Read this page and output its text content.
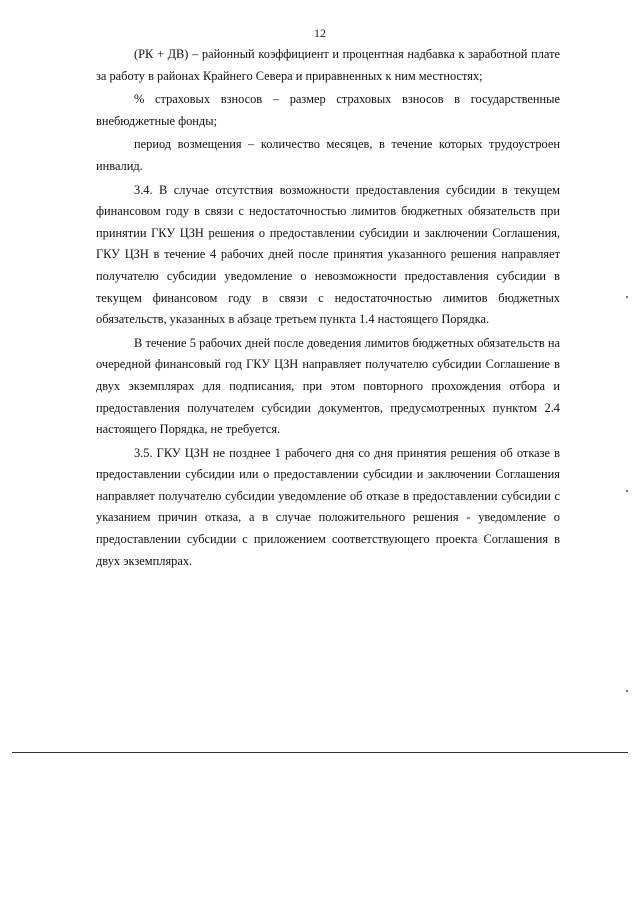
12

(РК + ДВ) – районный коэффициент и процентная надбавка к заработной плате за работу в районах Крайнего Севера и приравненных к ним местностях;

% страховых взносов – размер страховых взносов в государственные внебюджетные фонды;

период возмещения – количество месяцев, в течение которых трудоустроен инвалид.

3.4. В случае отсутствия возможности предоставления субсидии в текущем финансовом году в связи с недостаточностью лимитов бюджетных обязательств при принятии ГКУ ЦЗН решения о предоставлении субсидии и заключении Соглашения, ГКУ ЦЗН в течение 4 рабочих дней после принятия указанного решения направляет получателю субсидии уведомление о невозможности предоставления субсидии в текущем финансовом году в связи с недостаточностью лимитов бюджетных обязательств, указанных в абзаце третьем пункта 1.4 настоящего Порядка.

В течение 5 рабочих дней после доведения лимитов бюджетных обязательств на очередной финансовый год ГКУ ЦЗН направляет получателю субсидии Соглашение в двух экземплярах для подписания, при этом повторного прохождения отбора и предоставления получателем субсидии документов, предусмотренных пунктом 2.4 настоящего Порядка, не требуется.

3.5. ГКУ ЦЗН не позднее 1 рабочего дня со дня принятия решения об отказе в предоставлении субсидии или о предоставлении субсидии и заключении Соглашения направляет получателю субсидии уведомление об отказе в предоставлении субсидии с указанием причин отказа, а в случае положительного решения - уведомление о предоставлении субсидии с приложением соответствующего проекта Соглашения в двух экземплярах.
